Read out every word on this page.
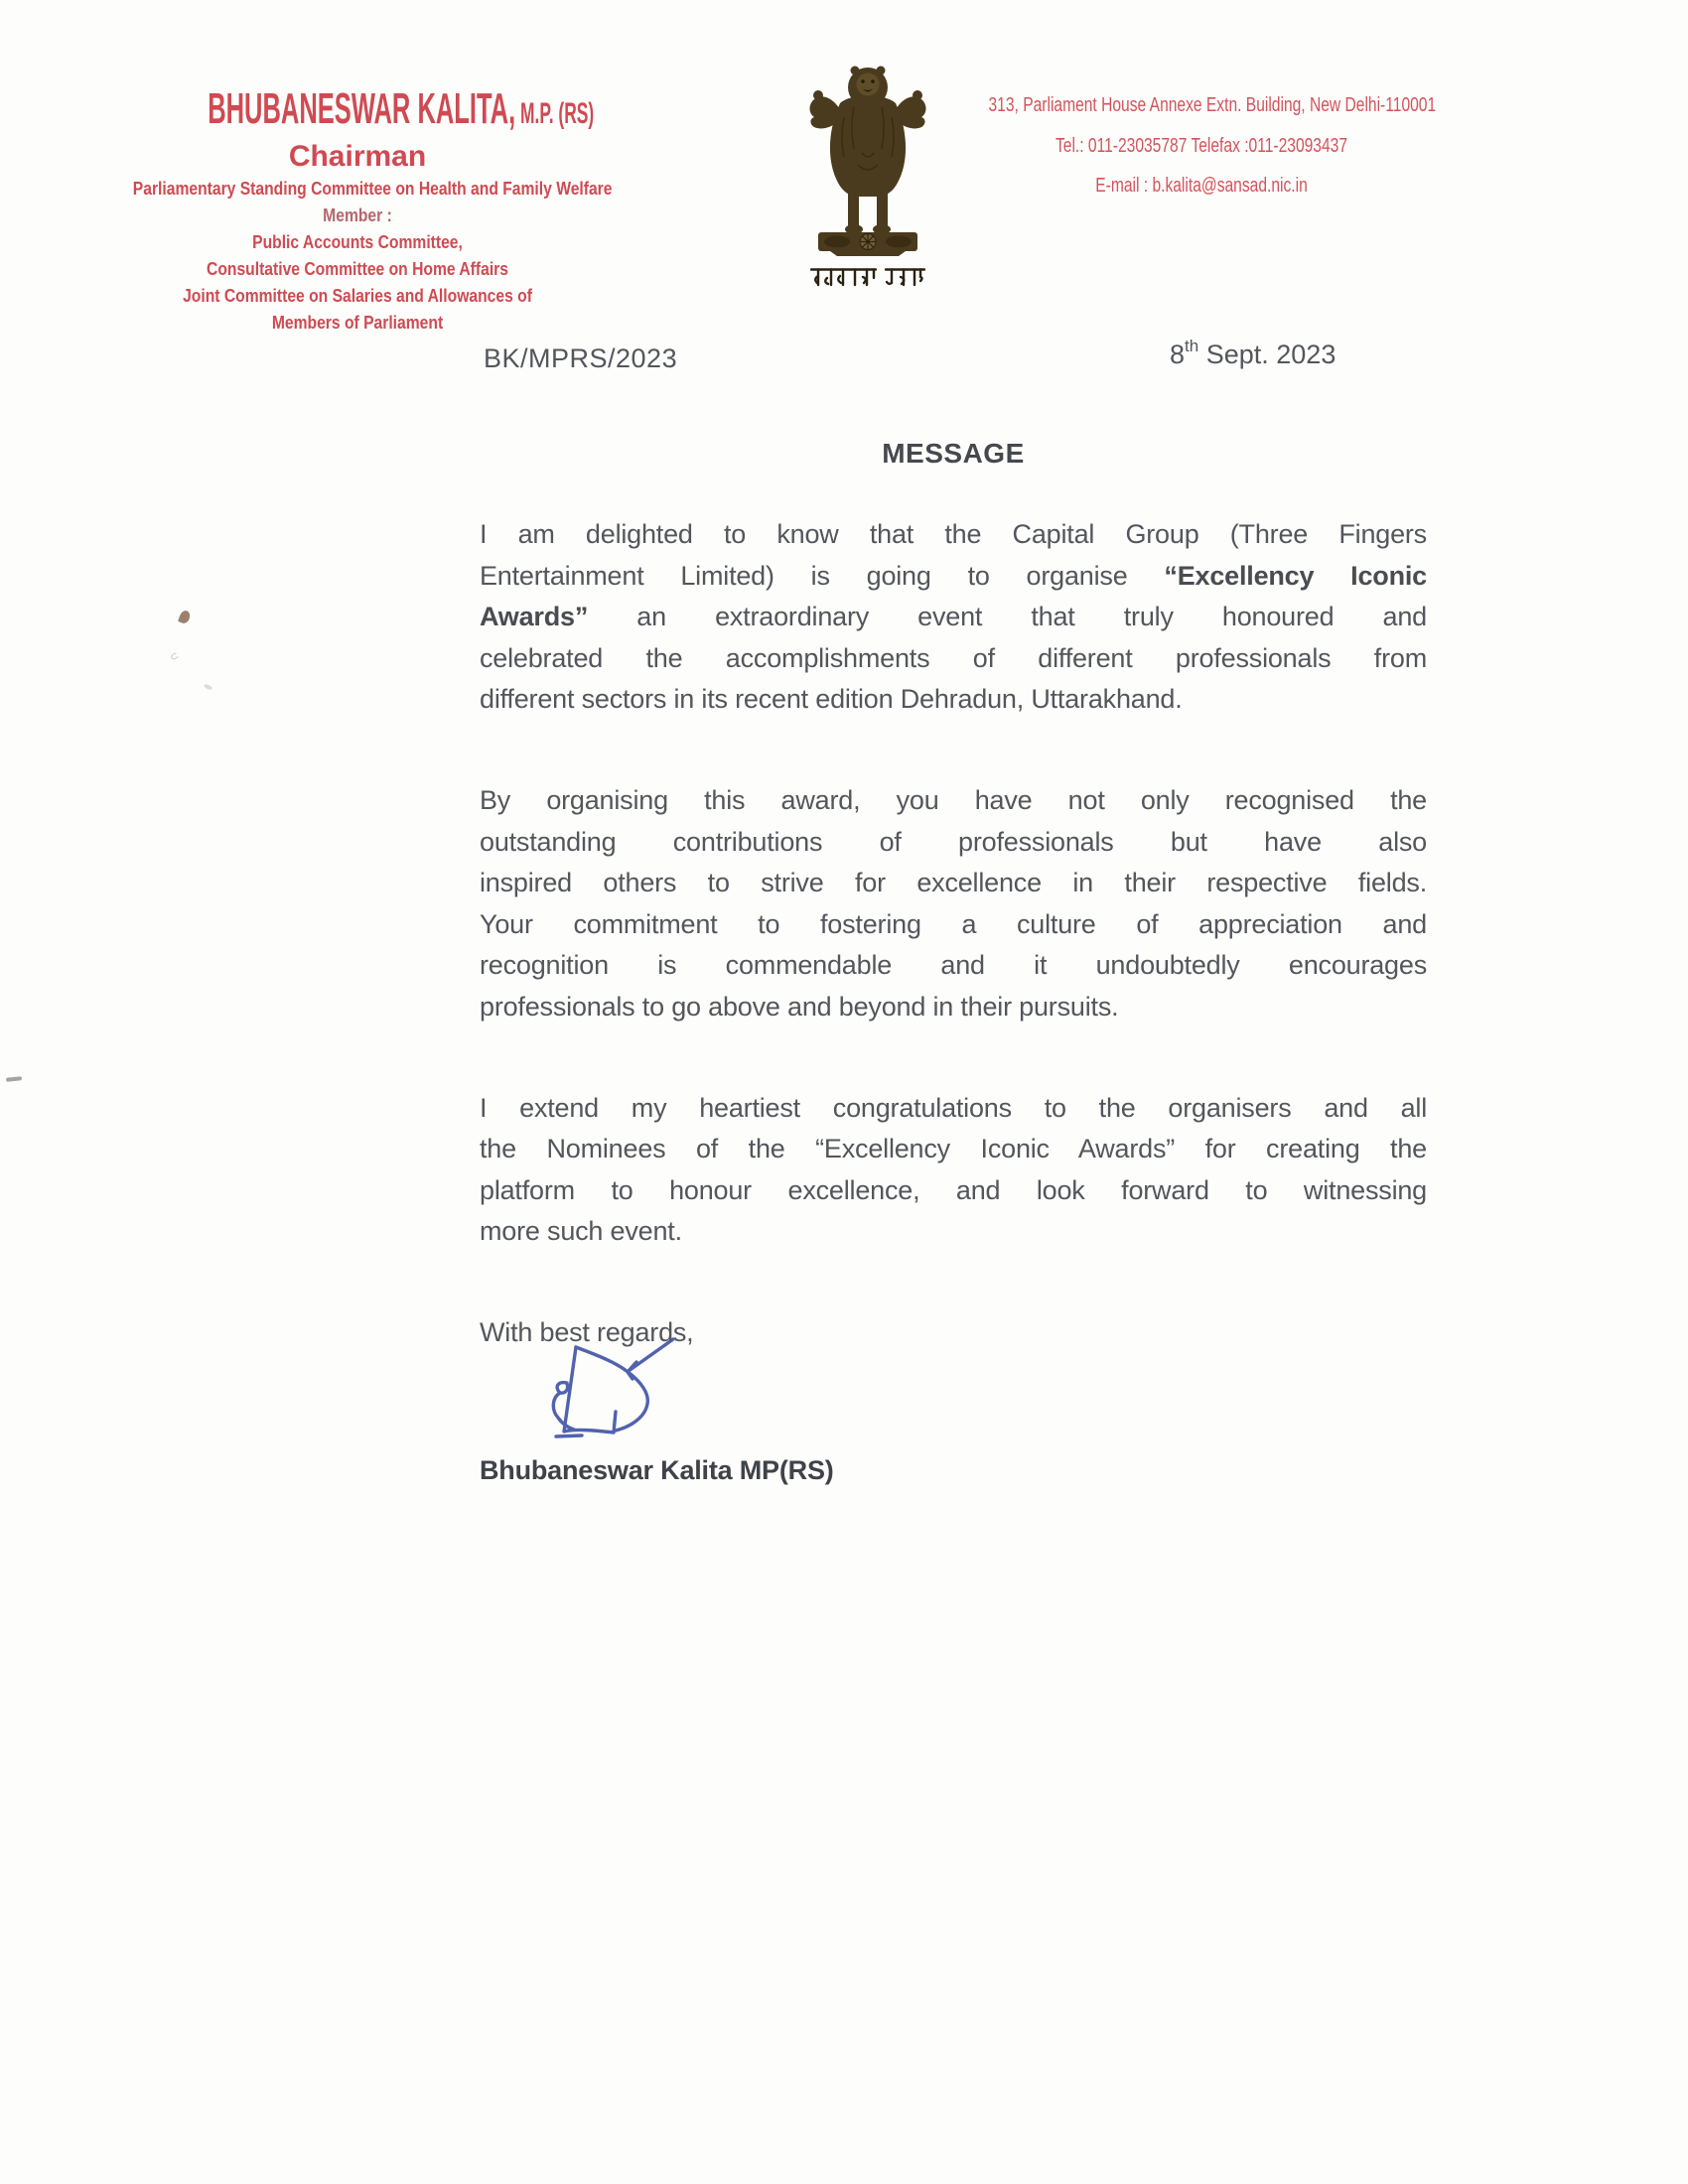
BHUBANESWAR KALITA, M.P. (RS)
Chairman
Parliamentary Standing Committee on Health and Family Welfare
Member :
Public Accounts Committee,
Consultative Committee on Home Affairs
Joint Committee on Salaries and Allowances of
Members of Parliament

313, Parliament House Annexe Extn. Building, New Delhi-110001
Tel.: 011-23035787 Telefax :011-23093437
E-mail : b.kalita@sansad.nic.in
BK/MPRS/2023	8th Sept. 2023
MESSAGE
I am delighted to know that the Capital Group (Three Fingers
Entertainment Limited) is going to organise “Excellency Iconic
Awards” an extraordinary event that truly honoured and
celebrated the accomplishments of different professionals from
different sectors in its recent edition Dehradun, Uttarakhand.
By organising this award, you have not only recognised the
outstanding contributions of professionals but have also
inspired others to strive for excellence in their respective fields.
Your commitment to fostering a culture of appreciation and
recognition is commendable and it undoubtedly encourages
professionals to go above and beyond in their pursuits.
I extend my heartiest congratulations to the organisers and all
the Nominees of the “Excellency Iconic Awards” for creating the
platform to honour excellence, and look forward to witnessing
more such event.
With best regards,
Bhubaneswar Kalita MP(RS)
